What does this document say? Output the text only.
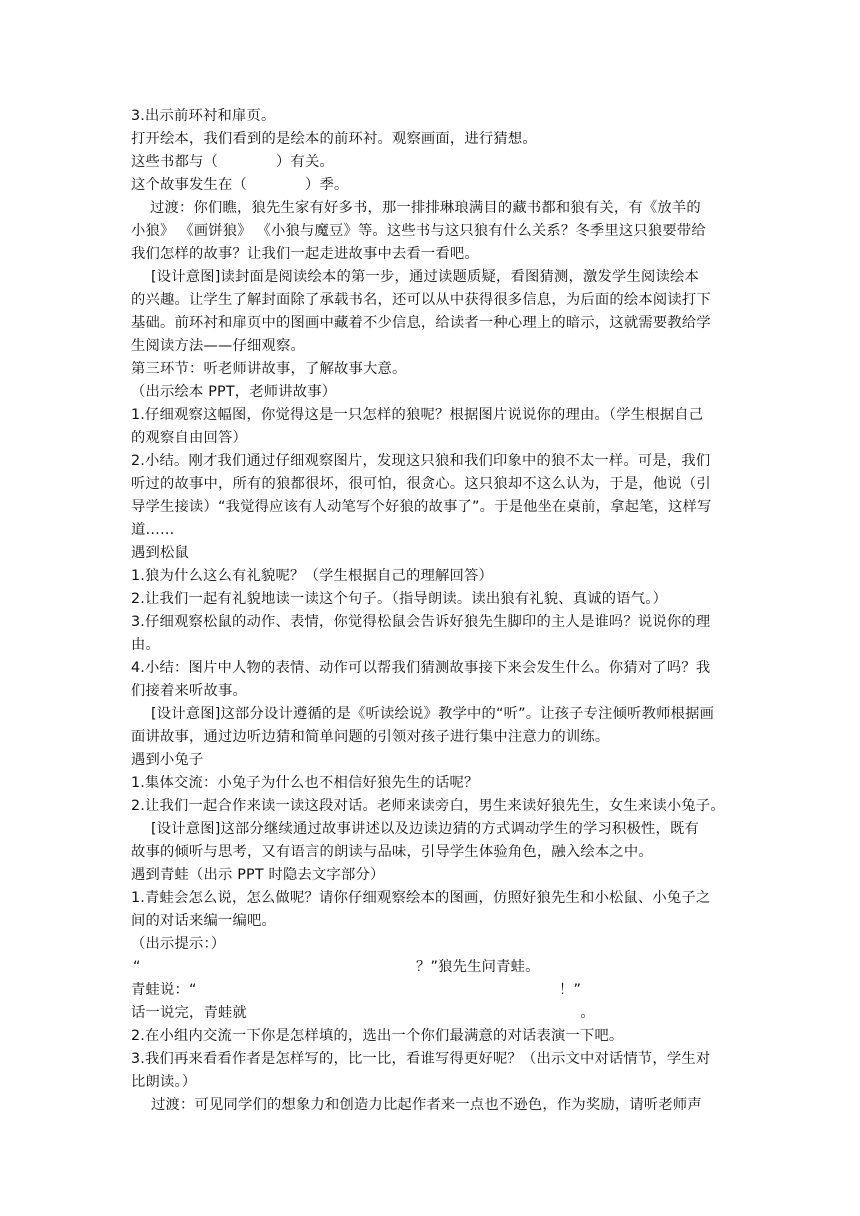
3.出示前环衬和扉页。
打开绘本，我们看到的是绘本的前环衬。观察画面，进行猜想。
这些书都与（　　　　）有关。
这个故事发生在（　　　　）季。
过渡：你们瞧，狼先生家有好多书，那一排排琳琅满目的藏书都和狼有关，有《放羊的
小狼》 《画饼狼》 《小狼与魔豆》等。这些书与这只狼有什么关系？冬季里这只狼要带给
我们怎样的故事？让我们一起走进故事中去看一看吧。
[设计意图]读封面是阅读绘本的第一步，通过读题质疑，看图猜测，激发学生阅读绘本
的兴趣。让学生了解封面除了承载书名，还可以从中获得很多信息，为后面的绘本阅读打下
基础。前环衬和扉页中的图画中藏着不少信息，给读者一种心理上的暗示，这就需要教给学
生阅读方法——仔细观察。
第三环节：听老师讲故事，了解故事大意。
（出示绘本 PPT，老师讲故事）
1.仔细观察这幅图，你觉得这是一只怎样的狼呢？根据图片说说你的理由。（学生根据自己
的观察自由回答）
2.小结。刚才我们通过仔细观察图片，发现这只狼和我们印象中的狼不太一样。可是，我们
听过的故事中，所有的狼都很坏，很可怕，很贪心。这只狼却不这么认为，于是，他说（引
导学生接读）“我觉得应该有人动笔写个好狼的故事了”。于是他坐在桌前，拿起笔，这样写
道……
遇到松鼠
1.狼为什么这么有礼貌呢？（学生根据自己的理解回答）
2.让我们一起有礼貌地读一读这个句子。（指导朗读。读出狼有礼貌、真诚的语气。）
3.仔细观察松鼠的动作、表情，你觉得松鼠会告诉好狼先生脚印的主人是谁吗？说说你的理
由。
4.小结：图片中人物的表情、动作可以帮我们猜测故事接下来会发生什么。你猜对了吗？我
们接着来听故事。
[设计意图]这部分设计遵循的是《听读绘说》教学中的“听”。让孩子专注倾听教师根据画
面讲故事，通过边听边猜和简单问题的引领对孩子进行集中注意力的训练。
遇到小兔子
1.集体交流：小兔子为什么也不相信好狼先生的话呢？
2.让我们一起合作来读一读这段对话。老师来读旁白，男生来读好狼先生，女生来读小兔子。
[设计意图]这部分继续通过故事讲述以及边读边猜的方式调动学生的学习积极性，既有
故事的倾听与思考，又有语言的朗读与品味，引导学生体验角色，融入绘本之中。
遇到青蛙（出示 PPT 时隐去文字部分）
1.青蛙会怎么说，怎么做呢？请你仔细观察绘本的图画，仿照好狼先生和小松鼠、小兔子之
间的对话来编一编吧。
（出示提示：）
“　　　　　　　　　　　　　　　　　　　？”狼先生问青蛙。
青蛙说：“　　　　　　　　　　　　　　　　　　　　　　　　　！”
话一说完，青蛙就　　　　　　　　　　　　　　　　　　　　　　　。
2.在小组内交流一下你是怎样填的，选出一个你们最满意的对话表演一下吧。
3.我们再来看看作者是怎样写的，比一比，看谁写得更好呢？（出示文中对话情节，学生对
比朗读。）
过渡：可见同学们的想象力和创造力比起作者来一点也不逊色，作为奖励，请听老师声
